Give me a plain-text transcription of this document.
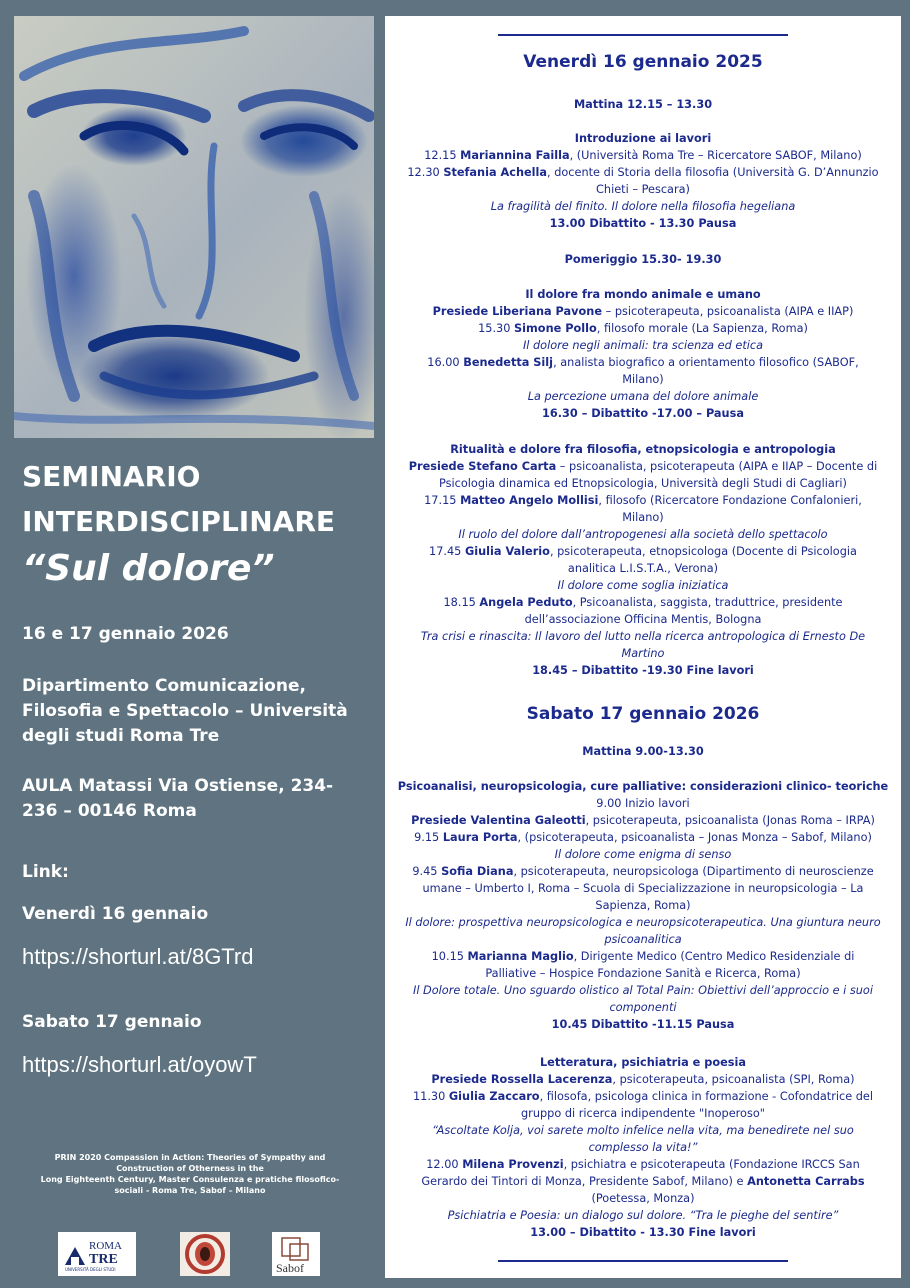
SEMINARIO
INTERDISCIPLINARE
“Sul dolore”
16 e 17 gennaio 2026
Dipartimento Comunicazione, Filosofia e Spettacolo – Università degli studi Roma Tre
AULA Matassi Via Ostiense, 234-236 – 00146 Roma
Link:
Venerdì 16 gennaio
https://shorturl.at/8GTrd
Sabato 17 gennaio
https://shorturl.at/oyowT
PRIN 2020 Compassion in Action: Theories of Sympathy and
Construction of Otherness in the
Long Eighteenth Century, Master Consulenza e pratiche filosofico-
sociali - Roma Tre, Sabof – Milano
ROMA
TRE
UNIVERSITÀ DEGLI STUDI	Sabof
Venerdì 16 gennaio 2025
Mattina 12.15 – 13.30
Introduzione ai lavori
12.15 Mariannina Failla, (Università Roma Tre – Ricercatore SABOF, Milano)
12.30 Stefania Achella, docente di Storia della filosofia (Università G. D’Annunzio Chieti – Pescara)
La fragilità del finito. Il dolore nella filosofia hegeliana
13.00 Dibattito - 13.30 Pausa
Pomeriggio 15.30- 19.30
Il dolore fra mondo animale e umano
Presiede Liberiana Pavone – psicoterapeuta, psicoanalista (AIPA e IIAP)
15.30 Simone Pollo, filosofo morale (La Sapienza, Roma)
Il dolore negli animali: tra scienza ed etica
16.00 Benedetta Silj, analista biografico a orientamento filosofico (SABOF, Milano)
La percezione umana del dolore animale
16.30 – Dibattito -17.00 – Pausa
Ritualità e dolore fra filosofia, etnopsicologia e antropologia
Presiede Stefano Carta – psicoanalista, psicoterapeuta (AIPA e IIAP – Docente di Psicologia dinamica ed Etnopsicologia, Università degli Studi di Cagliari)
17.15 Matteo Angelo Mollisi, filosofo (Ricercatore Fondazione Confalonieri, Milano)
Il ruolo del dolore dall’antropogenesi alla società dello spettacolo
17.45 Giulia Valerio, psicoterapeuta, etnopsicologa (Docente di Psicologia analitica L.I.S.T.A., Verona)
Il dolore come soglia iniziatica
18.15 Angela Peduto, Psicoanalista, saggista, traduttrice, presidente dell’associazione Officina Mentis, Bologna
Tra crisi e rinascita: Il lavoro del lutto nella ricerca antropologica di Ernesto De Martino
18.45 – Dibattito -19.30 Fine lavori
Sabato 17 gennaio 2026
Mattina 9.00-13.30
Psicoanalisi, neuropsicologia, cure palliative: considerazioni clinico- teoriche
9.00 Inizio lavori
Presiede Valentina Galeotti, psicoterapeuta, psicoanalista (Jonas Roma – IRPA)
9.15 Laura Porta, (psicoterapeuta, psicoanalista – Jonas Monza – Sabof, Milano)
Il dolore come enigma di senso
9.45 Sofia Diana, psicoterapeuta, neuropsicologa (Dipartimento di neuroscienze umane – Umberto I, Roma – Scuola di Specializzazione in neuropsicologia – La Sapienza, Roma)
Il dolore: prospettiva neuropsicologica e neuropsicoterapeutica. Una giuntura neuro psicoanalitica
10.15 Marianna Maglio, Dirigente Medico (Centro Medico Residenziale di Palliative – Hospice Fondazione Sanità e Ricerca, Roma)
Il Dolore totale. Uno sguardo olistico al Total Pain: Obiettivi dell’approccio e i suoi componenti
10.45 Dibattito -11.15 Pausa
Letteratura, psichiatria e poesia
Presiede Rossella Lacerenza, psicoterapeuta, psicoanalista (SPI, Roma)
11.30 Giulia Zaccaro, filosofa, psicologa clinica in formazione - Cofondatrice del gruppo di ricerca indipendente "Inoperoso"
“Ascoltate Kolja, voi sarete molto infelice nella vita, ma benedirete nel suo complesso la vita!”
12.00 Milena Provenzi, psichiatra e psicoterapeuta (Fondazione IRCCS San Gerardo dei Tintori di Monza, Presidente Sabof, Milano) e Antonetta Carrabs (Poetessa, Monza)
Psichiatria e Poesia: un dialogo sul dolore. “Tra le pieghe del sentire”
13.00 – Dibattito - 13.30 Fine lavori
